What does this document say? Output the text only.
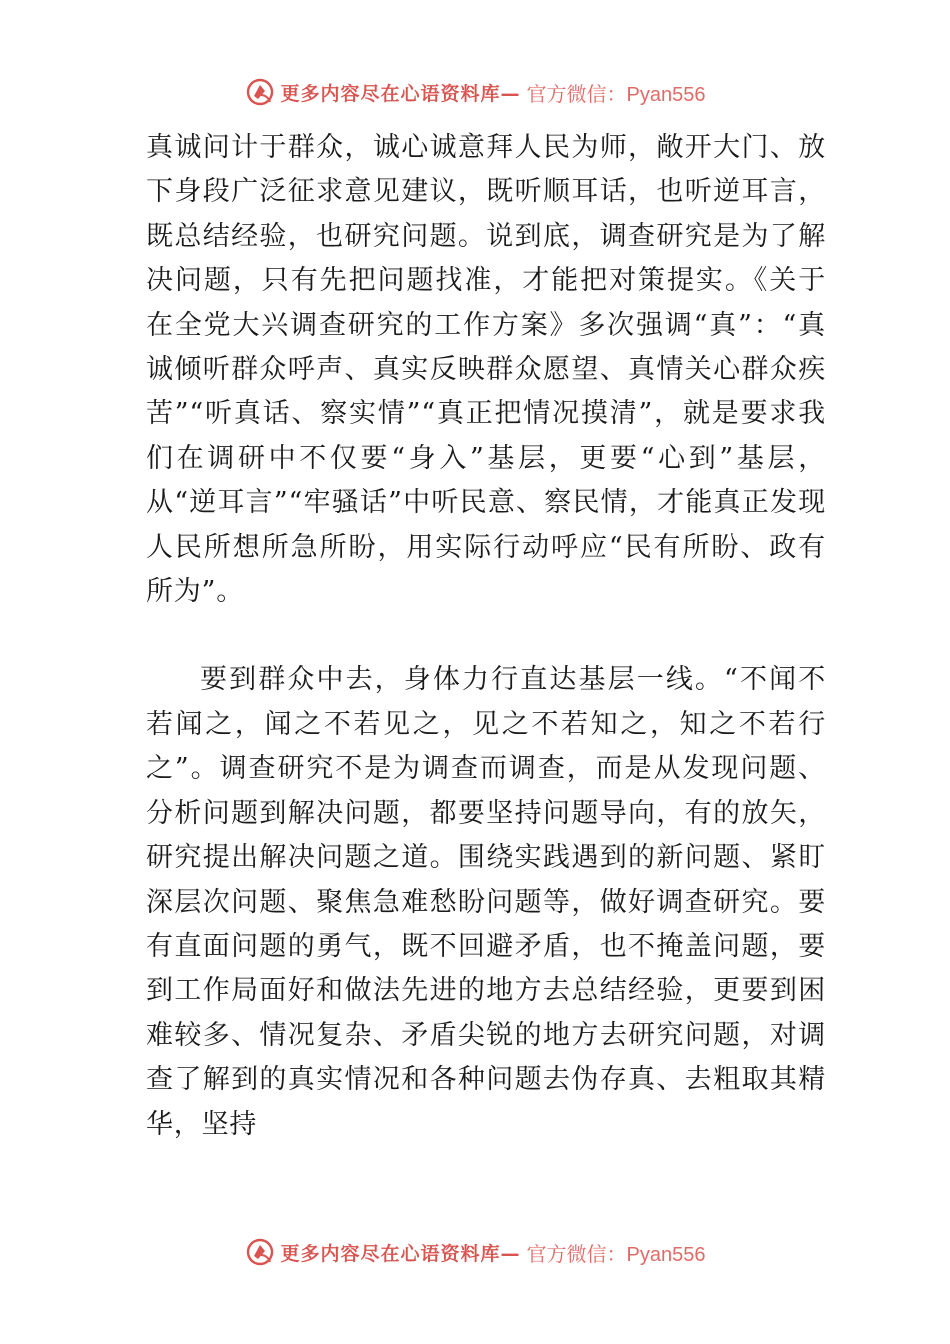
更多内容尽在心语资料库— 官方微信：Pyan556

真诚问计于群众，诚心诚意拜人民为师，敞开大门、放下身段广泛征求意见建议，既听顺耳话，也听逆耳言，既总结经验，也研究问题。说到底，调查研究是为了解决问题，只有先把问题找准，才能把对策提实。《关于在全党大兴调查研究的工作方案》多次强调“真”：“真诚倾听群众呼声、真实反映群众愿望、真情关心群众疾苦”“听真话、察实情”“真正把情况摸清”，就是要求我们在调研中不仅要“身入”基层，更要“心到”基层，从“逆耳言”“牢骚话”中听民意、察民情，才能真正发现人民所想所急所盼，用实际行动呼应“民有所盼、政有所为”。

要到群众中去，身体力行直达基层一线。“不闻不若闻之，闻之不若见之，见之不若知之，知之不若行之”。调查研究不是为调查而调查，而是从发现问题、分析问题到解决问题，都要坚持问题导向，有的放矢，研究提出解决问题之道。围绕实践遇到的新问题、紧盯深层次问题、聚焦急难愁盼问题等，做好调查研究。要有直面问题的勇气，既不回避矛盾，也不掩盖问题，要到工作局面好和做法先进的地方去总结经验，更要到困难较多、情况复杂、矛盾尖锐的地方去研究问题，对调查了解到的真实情况和各种问题去伪存真、去粗取其精华，坚持

更多内容尽在心语资料库— 官方微信：Pyan556
